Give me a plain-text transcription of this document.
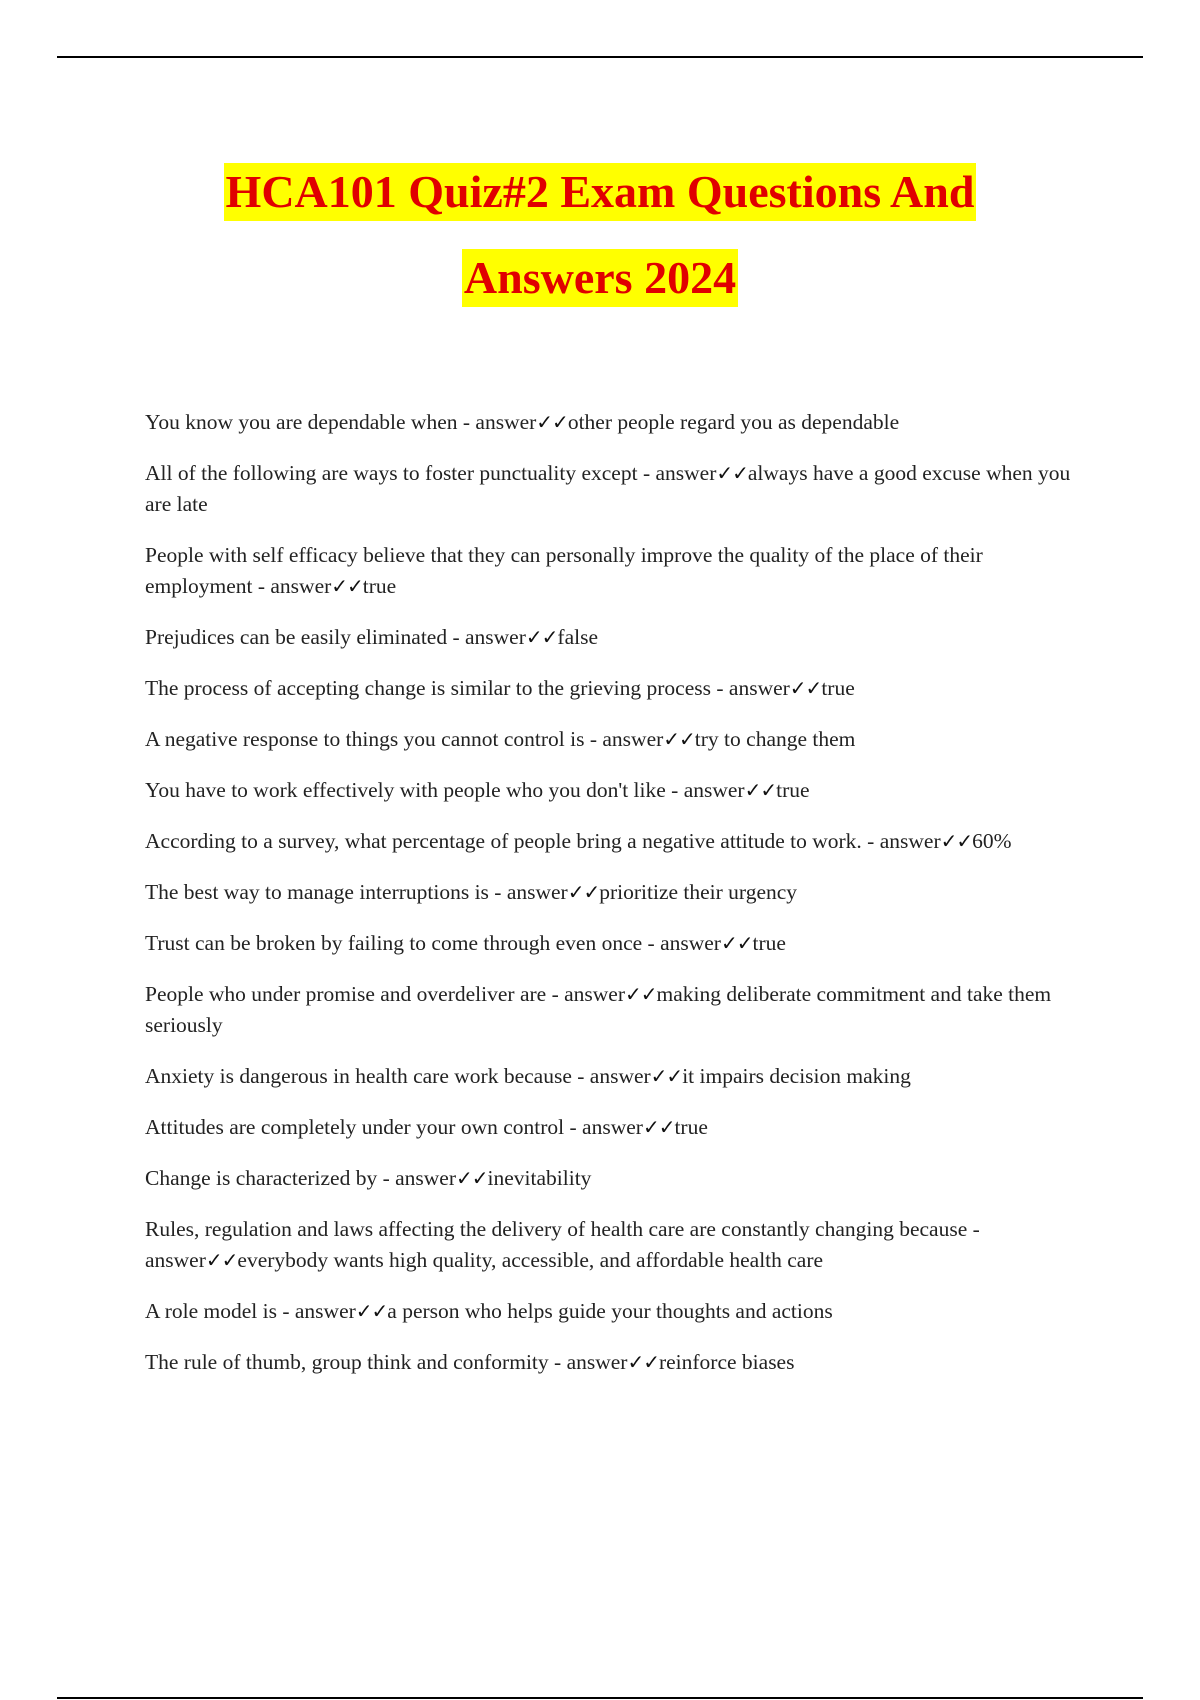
HCA101 Quiz#2 Exam Questions And
Answers 2024
You know you are dependable when - answer✓✓other people regard you as dependable
All of the following are ways to foster punctuality except - answer✓✓always have a good excuse when you are late
People with self efficacy believe that they can personally improve the quality of the place of their employment - answer✓✓true
Prejudices can be easily eliminated - answer✓✓false
The process of accepting change is similar to the grieving process - answer✓✓true
A negative response to things you cannot control is - answer✓✓try to change them
You have to work effectively with people who you don't like - answer✓✓true
According to a survey, what percentage of people bring a negative attitude to work. - answer✓✓60%
The best way to manage interruptions is - answer✓✓prioritize their urgency
Trust can be broken by failing to come through even once - answer✓✓true
People who under promise and overdeliver are - answer✓✓making deliberate commitment and take them seriously
Anxiety is dangerous in health care work because - answer✓✓it impairs decision making
Attitudes are completely under your own control - answer✓✓true
Change is characterized by - answer✓✓inevitability
Rules, regulation and laws affecting the delivery of health care are constantly changing because - answer✓✓everybody wants high quality, accessible, and affordable health care
A role model is - answer✓✓a person who helps guide your thoughts and actions
The rule of thumb, group think and conformity - answer✓✓reinforce biases
